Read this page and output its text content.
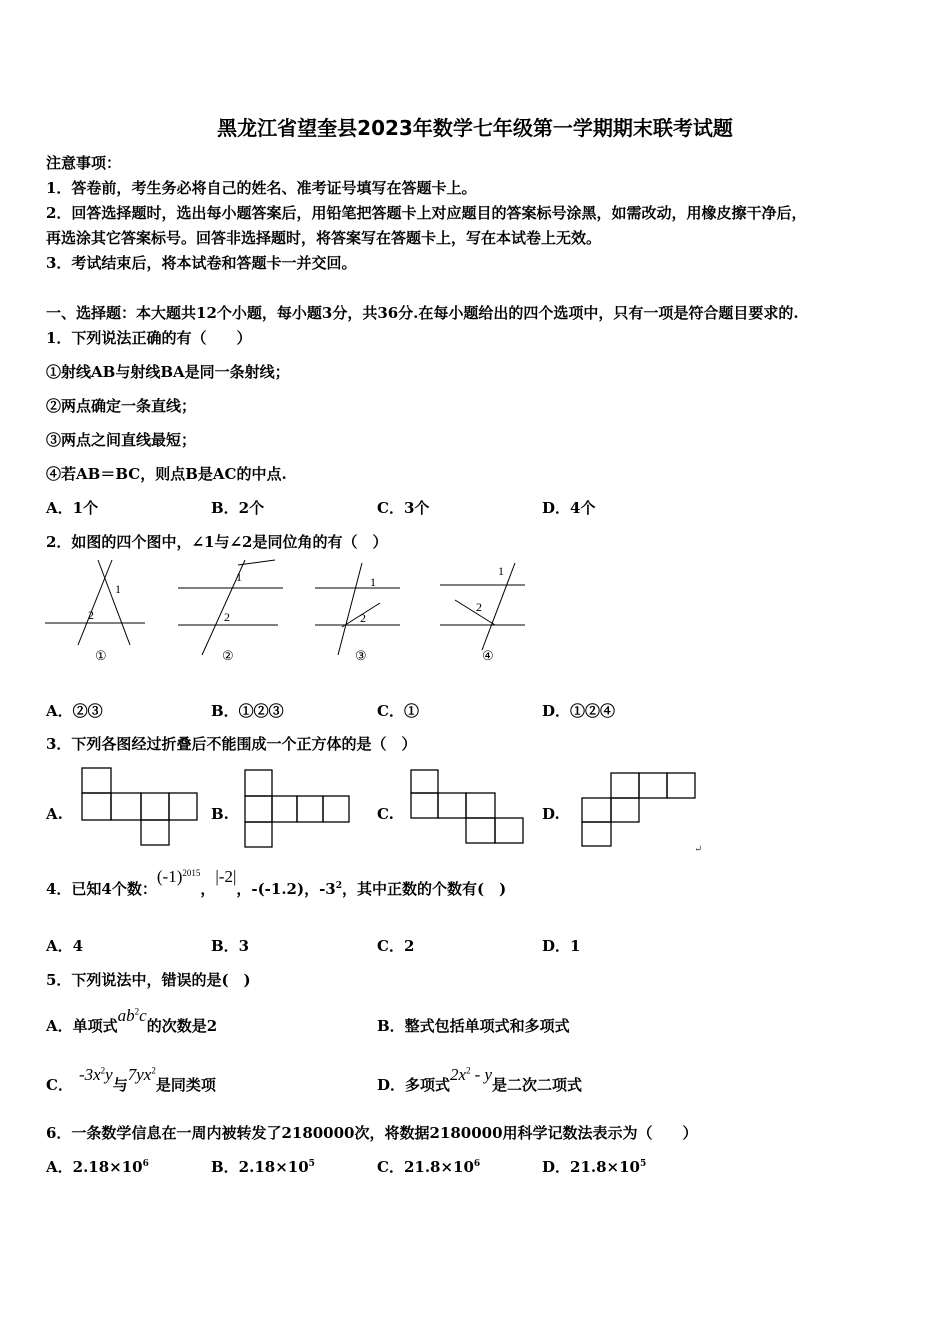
黑龙江省望奎县2023年数学七年级第一学期期末联考试题
注意事项：
1．答卷前，考生务必将自己的姓名、准考证号填写在答题卡上。
2．回答选择题时，选出每小题答案后，用铅笔把答题卡上对应题目的答案标号涂黑，如需改动，用橡皮擦干净后，
再选涂其它答案标号。回答非选择题时，将答案写在答题卡上，写在本试卷上无效。
3．考试结束后，将本试卷和答题卡一并交回。
一、选择题：本大题共12个小题，每小题3分，共36分.在每小题给出的四个选项中，只有一项是符合题目要求的.
1．下列说法正确的有（　　）
①射线AB与射线BA是同一条射线；
②两点确定一条直线；
③两点之间直线最短；
④若AB＝BC，则点B是AC的中点.
A．1个	B．2个	C．3个	D．4个
2．如图的四个图中，∠1与∠2是同位角的有（　）
1
2
①
1
2
②
1
2
③
1
2
④
A．②③	B．①②③	C．①	D．①②④
3．下列各图经过折叠后不能围成一个正方体的是（　）
A.	B.	C.	D.
↵
4．已知4个数：$(-1)^{2015}$，|-2|，-(-1.2)，$-3^2$，其中正数的个数有(　)
A．4	B．3	C．2	D．1
5．下列说法中，错误的是(　)
A．单项式$ab^2c$的次数是2	B．整式包括单项式和多项式
C．$-3x^2y$与$7yx^2$是同类项	D．多项式$2x^2$ - y是二次二项式
6．一条数学信息在一周内被转发了2180000次，将数据2180000用科学记数法表示为（　　）
A．$2.18\times 10^6$	B．$2.18\times 10^5$	C．$21.8\times 10^6$	D．$21.8\times 10^5$
